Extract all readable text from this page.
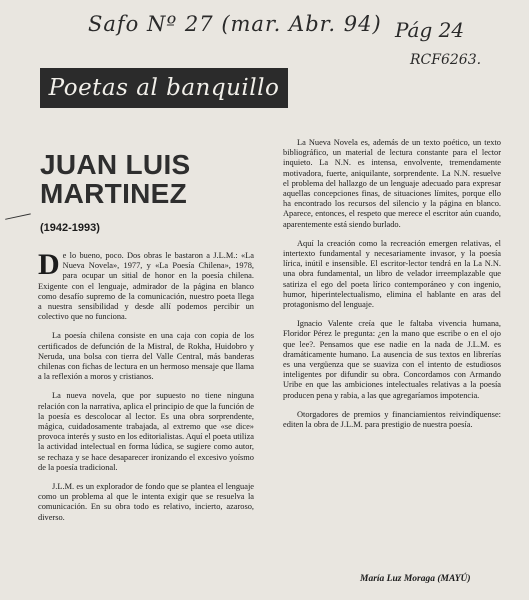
Safo Nº 27 (mar. Abr. 94) Pág 24
RCF6263.
Poetas al banquillo
JUAN LUIS
MARTINEZ
(1942-1993)

De lo bueno, poco. Dos obras le bastaron a J.L.M.: «La Nueva Novela», 1977, y «La Poesía Chilena», 1978, para ocupar un sitial de honor en la poesía chilena. Exigente con el lenguaje, admirador de la página en blanco como desafío supremo de la comunicación, nuestro poeta llega a nuestra sensibilidad y desde allí podemos percibir un colectivo que no funciona.

La poesía chilena consiste en una caja con copia de los certificados de defunción de la Mistral, de Rokha, Huidobro y Neruda, una bolsa con tierra del Valle Central, más banderas chilenas con fichas de lectura en un hermoso mensaje que llama a la reflexión a moros y cristianos.

La nueva novela, que por supuesto no tiene ninguna relación con la narrativa, aplica el principio de que la función de la poesía es descolocar al lector. Es una obra sorprendente, mágica, cuidadosamente trabajada, al extremo que «se dice» provoca interés y susto en los editorialistas. Aquí el poeta utiliza la actividad intelectual en forma lúdica, se sugiere como autor, se rechaza y se hace desaparecer ironizando el excesivo yoísmo de la poesía tradicional.

J.L.M. es un explorador de fondo que se plantea el lenguaje como un problema al que le intenta exigir que se resuelva la comunicación. En su obra todo es relativo, incierto, azaroso, diverso.

La Nueva Novela es, además de un texto poético, un texto bibliográfico, un material de lectura constante para el lector inquieto. La N.N. es intensa, envolvente, tremendamente motivadora, fuerte, aniquilante, sorprendente. La N.N. resuelve el problema del hallazgo de un lenguaje adecuado para expresar aquellas concepciones finas, de situaciones límites, porque ello ha encontrado los recursos del silencio y la página en blanco. Aparece, entonces, el respeto que merece el escritor aún cuando, aparentemente está siendo burlado.

Aquí la creación como la recreación emergen relativas, el intertexto fundamental y necesariamente invasor, y la poesía lírica, inútil e insensible. El escritor-lector tendrá en la La N.N. una obra fundamental, un libro de velador irreemplazable que satiriza el ego del poeta lírico contemporáneo y con ingenio, humor, hiperintelectualismo, elimina el hablante en aras del protagonismo del lenguaje.

Ignacio Valente creía que le faltaba vivencia humana, Floridor Pérez le pregunta: ¿en la mano que escribe o en el ojo que lee?. Pensamos que ese nadie en la nada de J.L.M. es dramáticamente humano. La ausencia de sus textos en librerías es una vergüenza que se suaviza con el intento de estudiosos inteligentes por difundir su obra. Concordamos con Armando Uribe en que las ambiciones intelectuales relativas a la poesía producen pena y rabia, a las que agregaríamos impotencia.

Otorgadores de premios y financiamientos reivindíquense: editen la obra de J.L.M. para prestigio de nuestra poesía.

María Luz Moraga (MAYÚ)
